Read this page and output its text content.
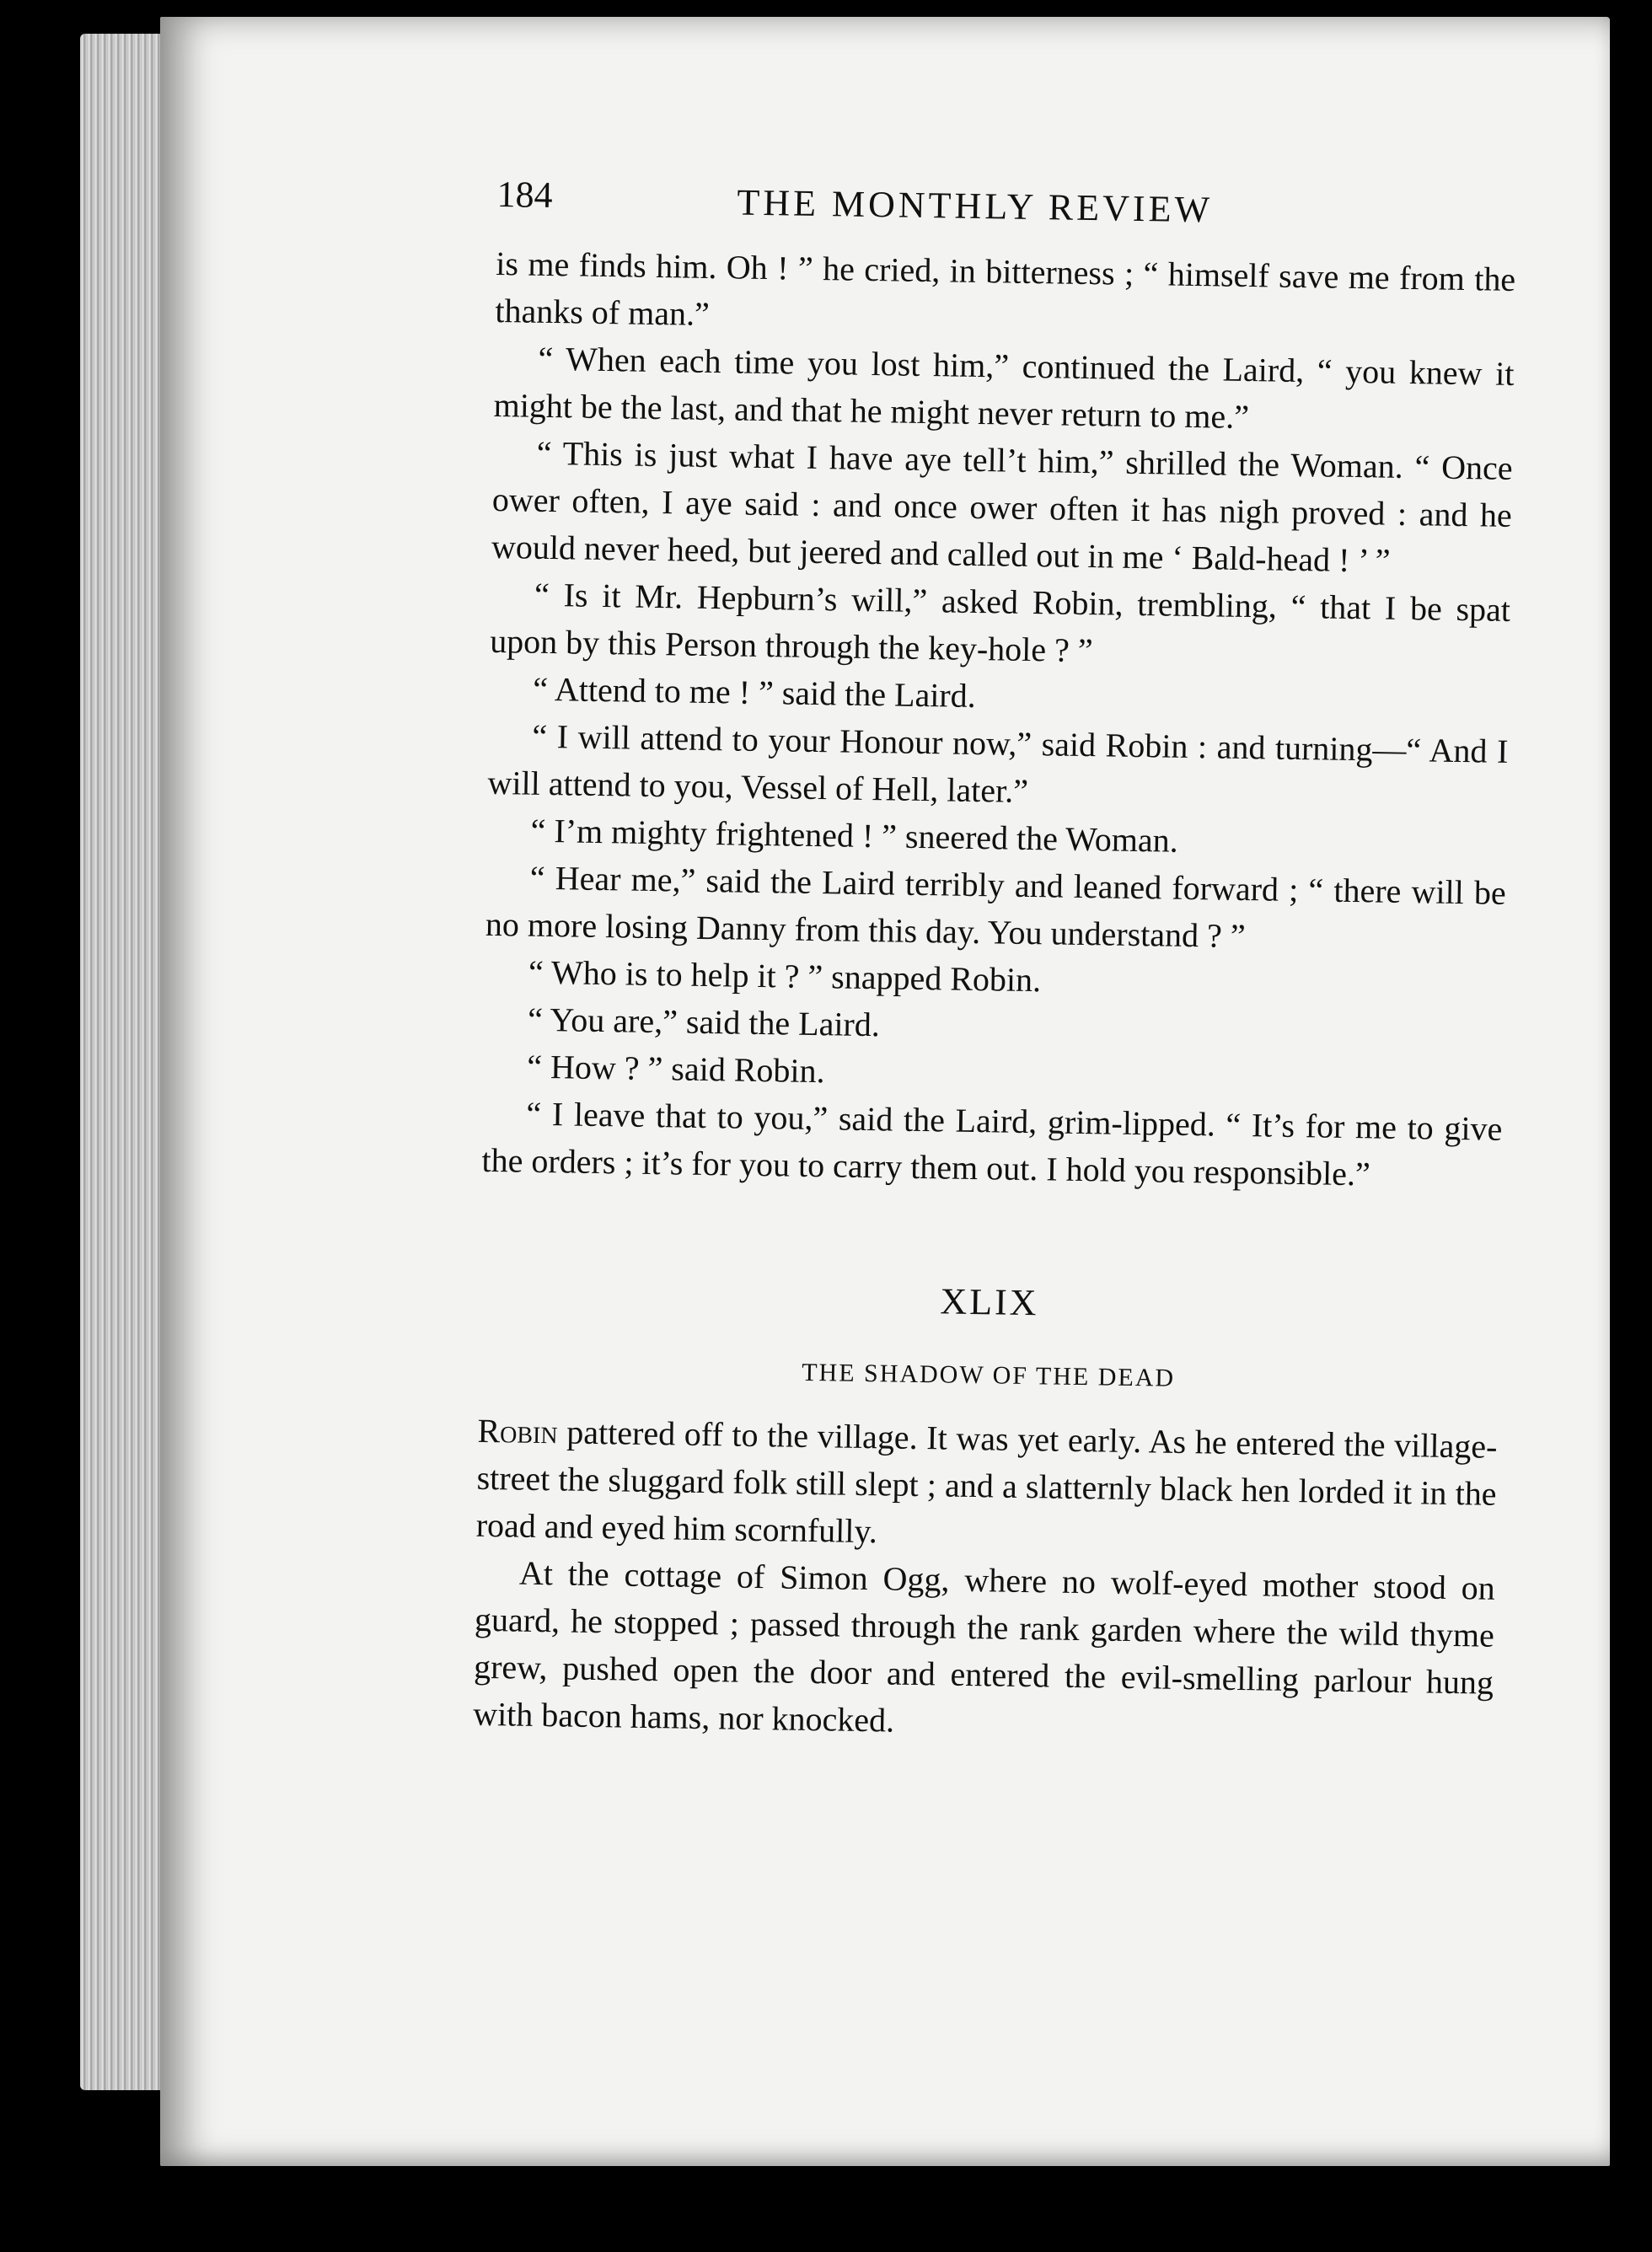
184	THE MONTHLY REVIEW

is me finds him. Oh ! ” he cried, in bitterness ; “ himself save me from the thanks of man.”

“ When each time you lost him,” continued the Laird, “ you knew it might be the last, and that he might never return to me.”

“ This is just what I have aye tell’t him,” shrilled the Woman. “ Once ower often, I aye said : and once ower often it has nigh proved : and he would never heed, but jeered and called out in me ‘ Bald-head ! ’ ”

“ Is it Mr. Hepburn’s will,” asked Robin, trembling, “ that I be spat upon by this Person through the key-hole ? ”

“ Attend to me ! ” said the Laird.

“ I will attend to your Honour now,” said Robin : and turning—“ And I will attend to you, Vessel of Hell, later.”

“ I’m mighty frightened ! ” sneered the Woman.

“ Hear me,” said the Laird terribly and leaned forward ; “ there will be no more losing Danny from this day. You understand ? ”

“ Who is to help it ? ” snapped Robin.

“ You are,” said the Laird.

“ How ? ” said Robin.

“ I leave that to you,” said the Laird, grim-lipped. “ It’s for me to give the orders ; it’s for you to carry them out. I hold you responsible.”

XLIX
THE SHADOW OF THE DEAD

Robin pattered off to the village. It was yet early. As he entered the village-street the sluggard folk still slept ; and a slatternly black hen lorded it in the road and eyed him scornfully.

At the cottage of Simon Ogg, where no wolf-eyed mother stood on guard, he stopped ; passed through the rank garden where the wild thyme grew, pushed open the door and entered the evil-smelling parlour hung with bacon hams, nor knocked.
